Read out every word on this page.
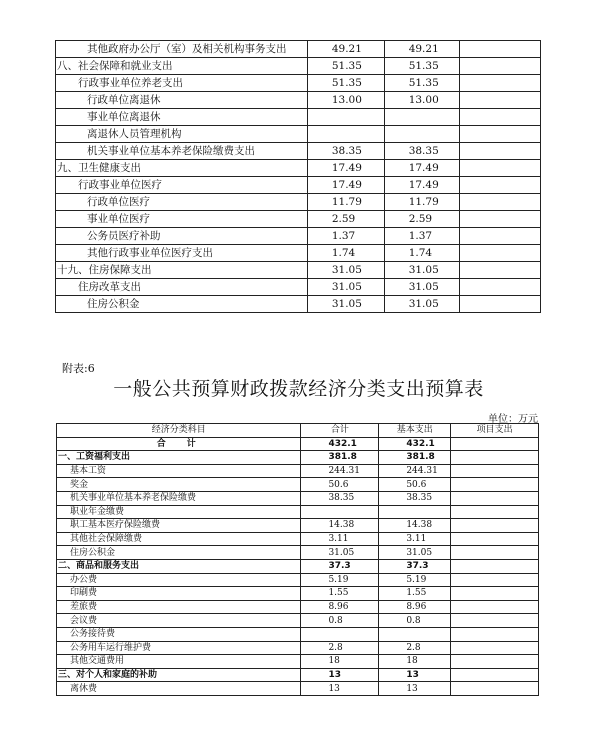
其他政府办公厅（室）及相关机构事务支出	49.21	49.21	
八、社会保障和就业支出	51.35	51.35	
行政事业单位养老支出	51.35	51.35	
行政单位离退休	13.00	13.00	
事业单位离退休			
离退休人员管理机构			
机关事业单位基本养老保险缴费支出	38.35	38.35	
九、卫生健康支出	17.49	17.49	
行政事业单位医疗	17.49	17.49	
行政单位医疗	11.79	11.79	
事业单位医疗	2.59	2.59	
公务员医疗补助	1.37	1.37	
其他行政事业单位医疗支出	1.74	1.74	
十九、住房保障支出	31.05	31.05	
住房改革支出	31.05	31.05	
住房公积金	31.05	31.05	
附表:6
一般公共预算财政拨款经济分类支出预算表
单位：万元
经济分类科目	合计	基本支出	项目支出
合　计	432.1	432.1	
一、工资福利支出	381.8	381.8	
基本工资	244.31	244.31	
奖金	50.6	50.6	
机关事业单位基本养老保险缴费	38.35	38.35	
职业年金缴费			
职工基本医疗保险缴费	14.38	14.38	
其他社会保障缴费	3.11	3.11	
住房公积金	31.05	31.05	
二、商品和服务支出	37.3	37.3	
办公费	5.19	5.19	
印刷费	1.55	1.55	
差旅费	8.96	8.96	
会议费	0.8	0.8	
公务接待费			
公务用车运行维护费	2.8	2.8	
其他交通费用	18	18	
三、对个人和家庭的补助	13	13	
离休费	13	13	
